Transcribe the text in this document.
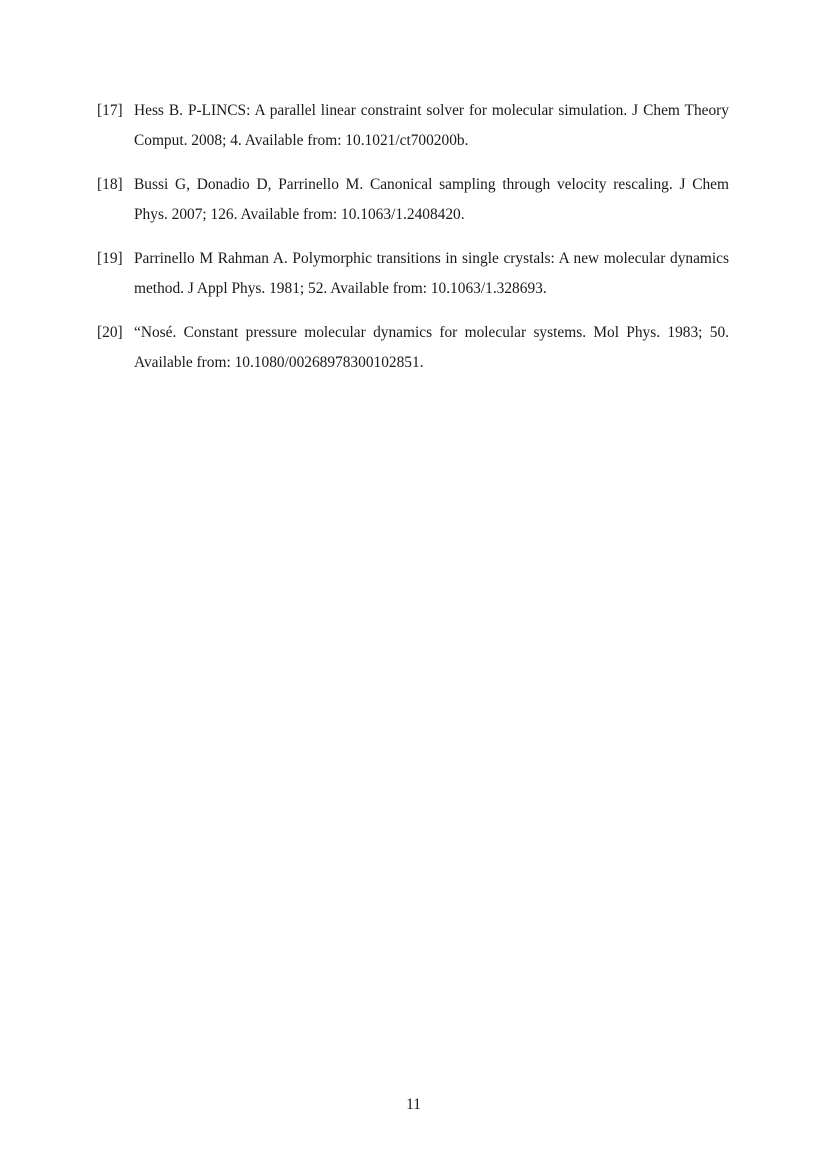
[17] Hess B. P-LINCS: A parallel linear constraint solver for molecular simulation. J Chem Theory Comput. 2008; 4. Available from: 10.1021/ct700200b.
[18] Bussi G, Donadio D, Parrinello M. Canonical sampling through velocity rescaling. J Chem Phys. 2007; 126. Available from: 10.1063/1.2408420.
[19] Parrinello M Rahman A. Polymorphic transitions in single crystals: A new molecular dynamics method. J Appl Phys. 1981; 52. Available from: 10.1063/1.328693.
[20] “Nosé. Constant pressure molecular dynamics for molecular systems. Mol Phys. 1983; 50. Available from: 10.1080/00268978300102851.
11
